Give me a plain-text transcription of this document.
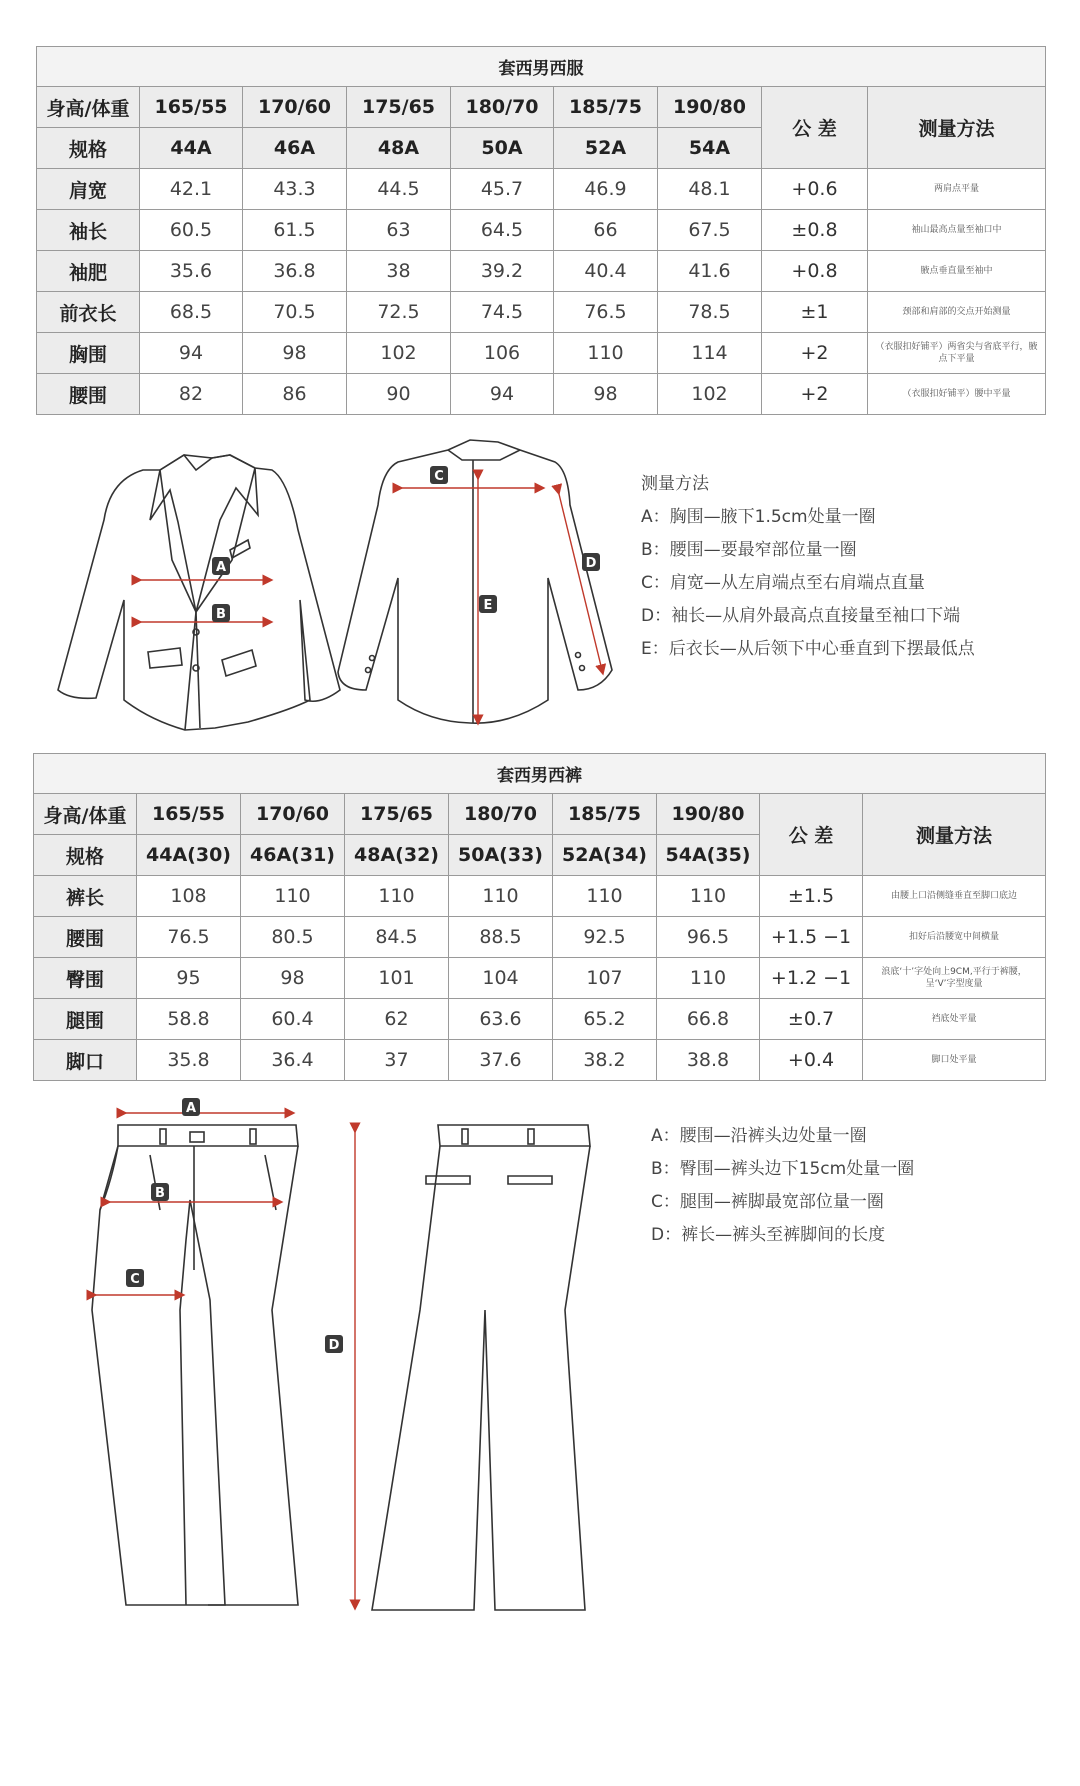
套西男西服								
身高/体重	165/55	170/60	175/65	180/70	185/75	190/80	公 差	测量方法
规格	44A	46A	48A	50A	52A	54A		
肩宽	42.1	43.3	44.5	45.7	46.9	48.1	+0.6	两肩点平量
袖长	60.5	61.5	63	64.5	66	67.5	±0.8	袖山最高点量至袖口中
袖肥	35.6	36.8	38	39.2	40.4	41.6	+0.8	腋点垂直量至袖中
前衣长	68.5	70.5	72.5	74.5	76.5	78.5	±1	颈部和肩部的交点开始测量
胸围	94	98	102	106	110	114	+2	（衣服扣好铺平）两省尖与省底平行，腋点下平量
腰围	82	86	90	94	98	102	+2	（衣服扣好铺平）腰中平量
A
B
C
D
E
测量方法
A：胸围—腋下1.5cm处量一圈
B：腰围—要最窄部位量一圈
C：肩宽—从左肩端点至右肩端点直量
D：袖长—从肩外最高点直接量至袖口下端
E：后衣长—从后领下中心垂直到下摆最低点
套西男西裤								
身高/体重	165/55	170/60	175/65	180/70	185/75	190/80	公 差	测量方法
规格	44A(30)	46A(31)	48A(32)	50A(33)	52A(34)	54A(35)		
裤长	108	110	110	110	110	110	±1.5	由腰上口沿侧缝垂直至脚口底边
腰围	76.5	80.5	84.5	88.5	92.5	96.5	+1.5 −1	扣好后沿腰宽中间横量
臀围	95	98	101	104	107	110	+1.2 −1	浪底‘十’字处向上9CM,平行于裤腰，呈‘V’字型度量
腿围	58.8	60.4	62	63.6	65.2	66.8	±0.7	裆底处平量
脚口	35.8	36.4	37	37.6	38.2	38.8	+0.4	脚口处平量
A
B
C
D
A：腰围—沿裤头边处量一圈
B：臀围—裤头边下15cm处量一圈
C：腿围—裤脚最宽部位量一圈
D：裤长—裤头至裤脚间的长度
